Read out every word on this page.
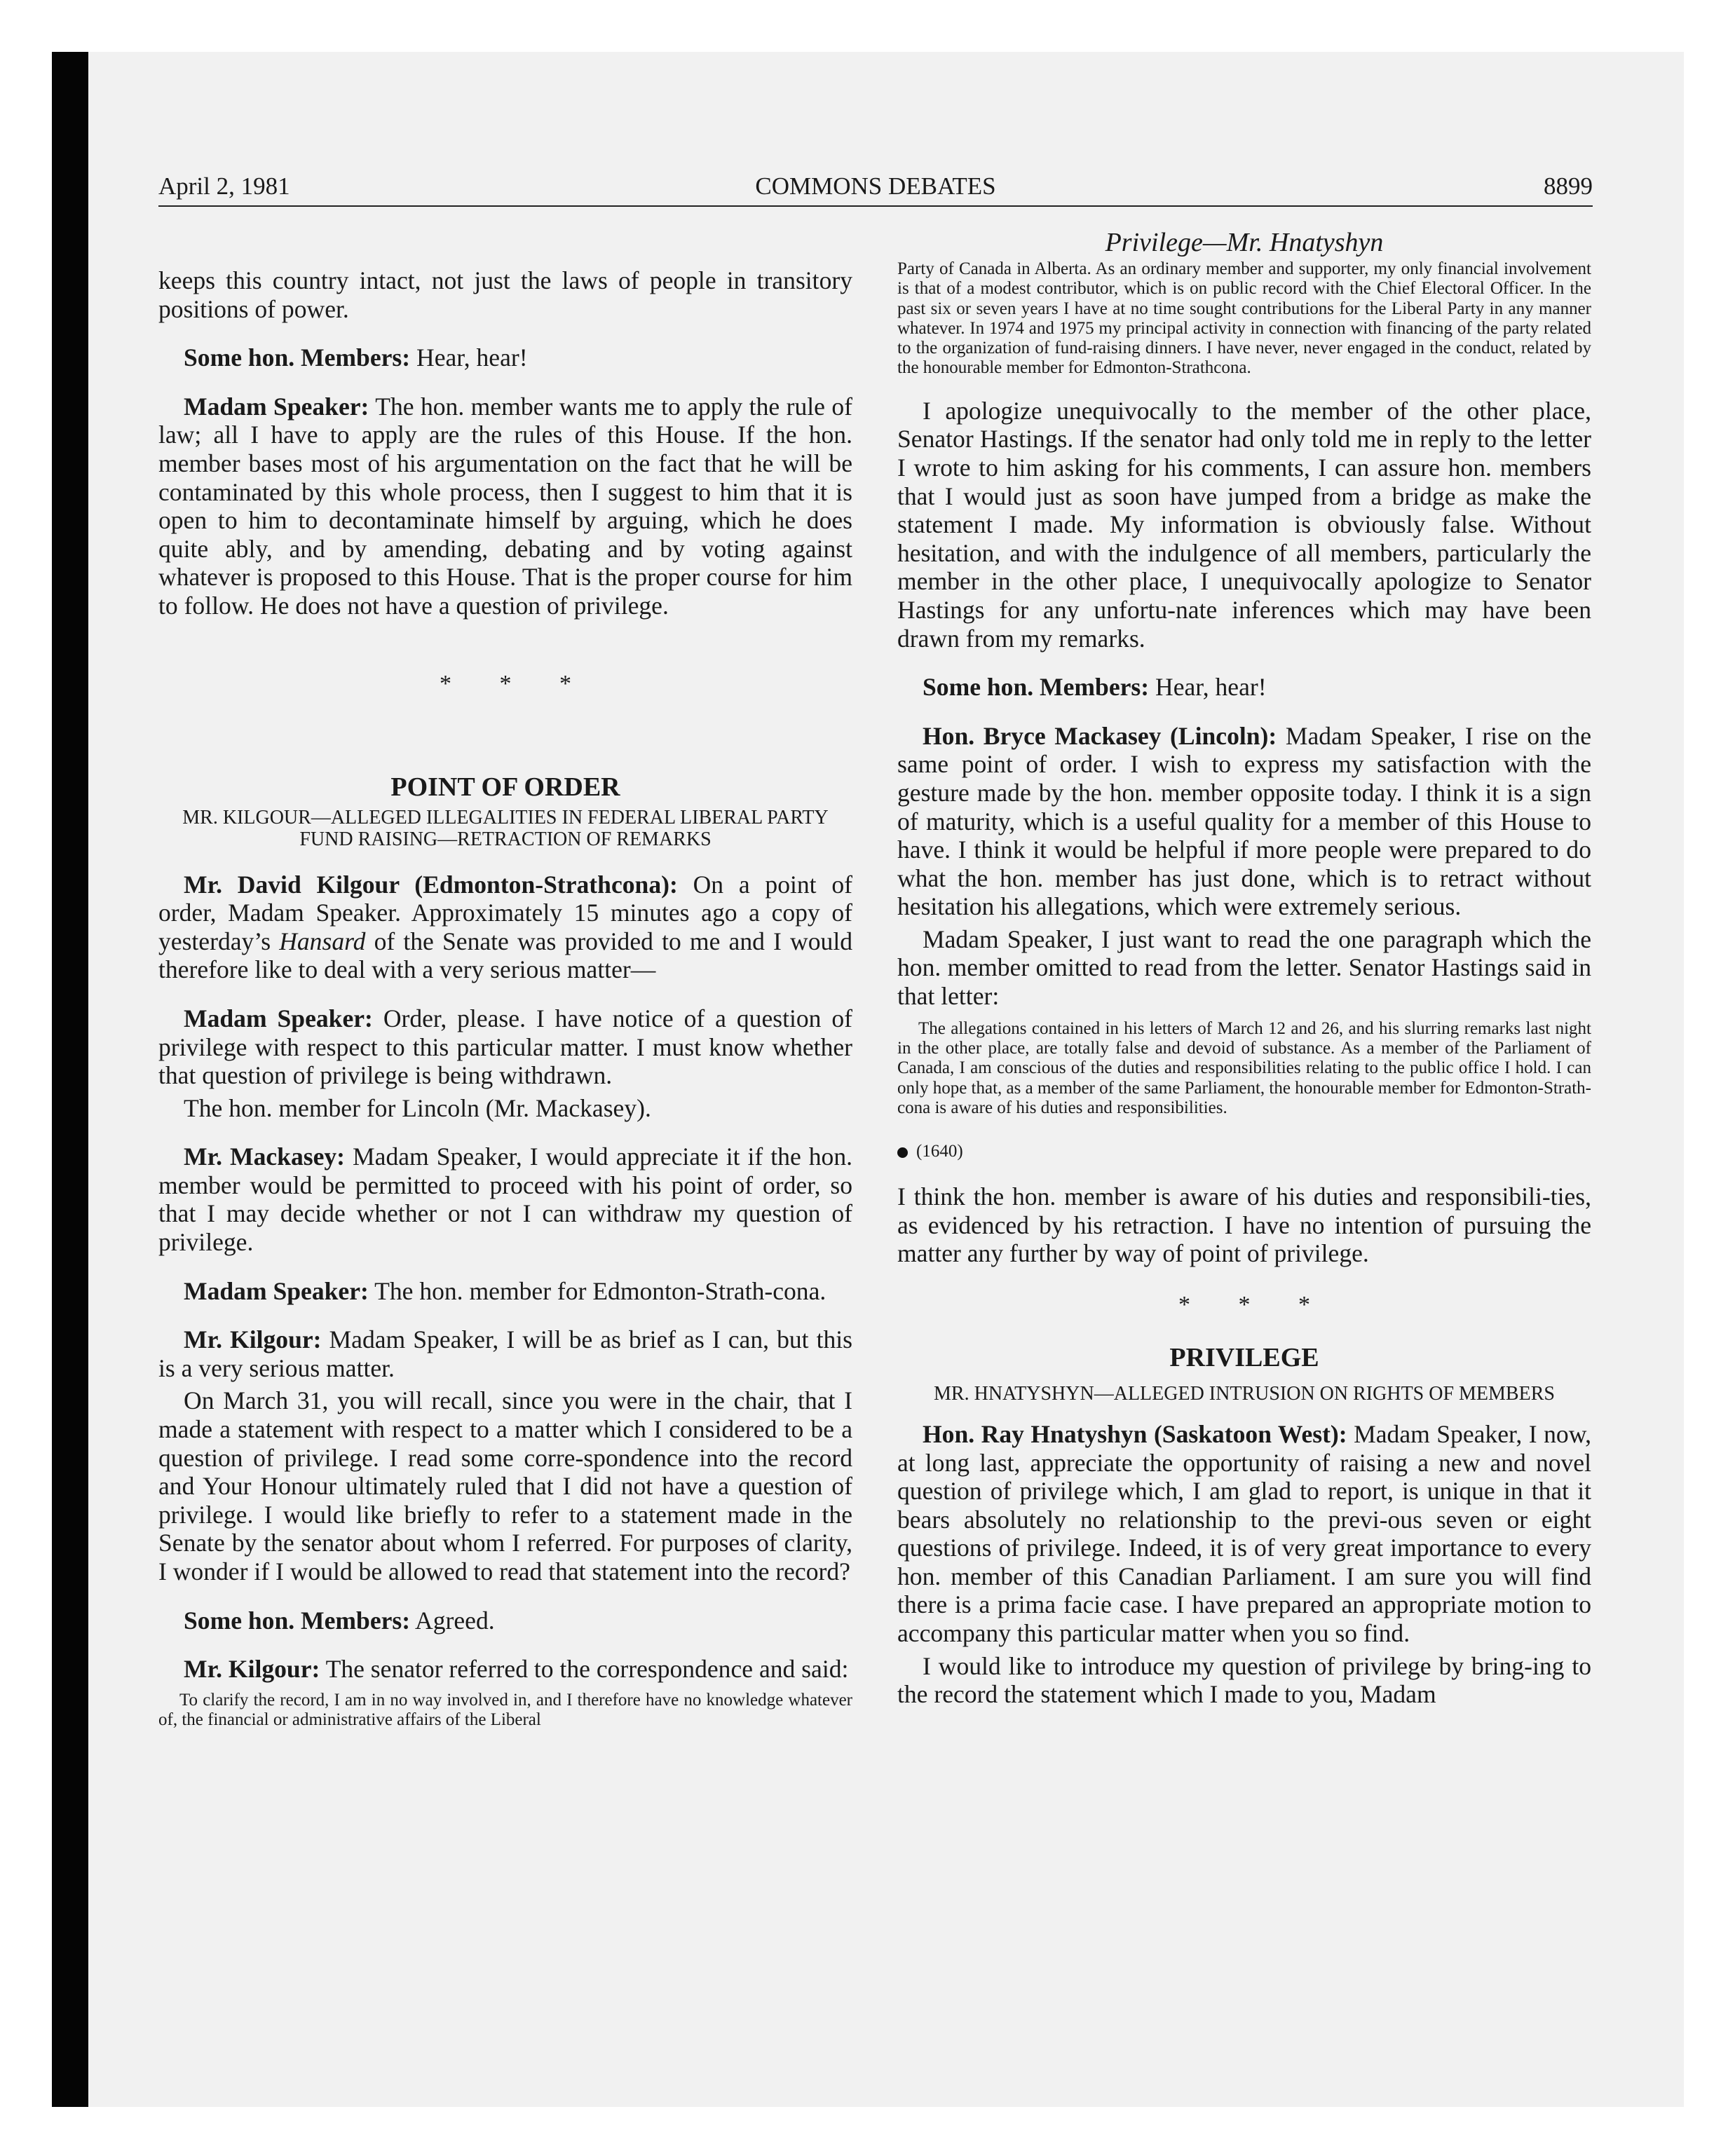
April 2, 1981	COMMONS DEBATES	8899
Privilege—Mr. Hnatyshyn

keeps this country intact, not just the laws of people in transitory positions of power.

Some hon. Members: Hear, hear!

Madam Speaker: The hon. member wants me to apply the rule of law; all I have to apply are the rules of this House. If the hon. member bases most of his argumentation on the fact that he will be contaminated by this whole process, then I suggest to him that it is open to him to decontaminate himself by arguing, which he does quite ably, and by amending, debating and by voting against whatever is proposed to this House. That is the proper course for him to follow. He does not have a question of privilege.

* * *
POINT OF ORDER
MR. KILGOUR—ALLEGED ILLEGALITIES IN FEDERAL LIBERAL PARTY FUND RAISING—RETRACTION OF REMARKS

Mr. David Kilgour (Edmonton-Strathcona): On a point of order, Madam Speaker. Approximately 15 minutes ago a copy of yesterday’s Hansard of the Senate was provided to me and I would therefore like to deal with a very serious matter—

Madam Speaker: Order, please. I have notice of a question of privilege with respect to this particular matter. I must know whether that question of privilege is being withdrawn.

The hon. member for Lincoln (Mr. Mackasey).

Mr. Mackasey: Madam Speaker, I would appreciate it if the hon. member would be permitted to proceed with his point of order, so that I may decide whether or not I can withdraw my question of privilege.

Madam Speaker: The hon. member for Edmonton-Strath-cona.

Mr. Kilgour: Madam Speaker, I will be as brief as I can, but this is a very serious matter.

On March 31, you will recall, since you were in the chair, that I made a statement with respect to a matter which I considered to be a question of privilege. I read some corre-spondence into the record and Your Honour ultimately ruled that I did not have a question of privilege. I would like briefly to refer to a statement made in the Senate by the senator about whom I referred. For purposes of clarity, I wonder if I would be allowed to read that statement into the record?

Some hon. Members: Agreed.

Mr. Kilgour: The senator referred to the correspondence and said:

To clarify the record, I am in no way involved in, and I therefore have no knowledge whatever of, the financial or administrative affairs of the Liberal

Party of Canada in Alberta. As an ordinary member and supporter, my only financial involvement is that of a modest contributor, which is on public record with the Chief Electoral Officer. In the past six or seven years I have at no time sought contributions for the Liberal Party in any manner whatever. In 1974 and 1975 my principal activity in connection with financing of the party related to the organization of fund-raising dinners. I have never, never engaged in the conduct, related by the honourable member for Edmonton-Strathcona.

I apologize unequivocally to the member of the other place, Senator Hastings. If the senator had only told me in reply to the letter I wrote to him asking for his comments, I can assure hon. members that I would just as soon have jumped from a bridge as make the statement I made. My information is obviously false. Without hesitation, and with the indulgence of all members, particularly the member in the other place, I unequivocally apologize to Senator Hastings for any unfortu-nate inferences which may have been drawn from my remarks.

Some hon. Members: Hear, hear!

Hon. Bryce Mackasey (Lincoln): Madam Speaker, I rise on the same point of order. I wish to express my satisfaction with the gesture made by the hon. member opposite today. I think it is a sign of maturity, which is a useful quality for a member of this House to have. I think it would be helpful if more people were prepared to do what the hon. member has just done, which is to retract without hesitation his allegations, which were extremely serious.

Madam Speaker, I just want to read the one paragraph which the hon. member omitted to read from the letter. Senator Hastings said in that letter:

The allegations contained in his letters of March 12 and 26, and his slurring remarks last night in the other place, are totally false and devoid of substance. As a member of the Parliament of Canada, I am conscious of the duties and responsibilities relating to the public office I hold. I can only hope that, as a member of the same Parliament, the honourable member for Edmonton-Strath-cona is aware of his duties and responsibilities.

(1640)

I think the hon. member is aware of his duties and responsibili-ties, as evidenced by his retraction. I have no intention of pursuing the matter any further by way of point of privilege.

* * *
PRIVILEGE
MR. HNATYSHYN—ALLEGED INTRUSION ON RIGHTS OF MEMBERS

Hon. Ray Hnatyshyn (Saskatoon West): Madam Speaker, I now, at long last, appreciate the opportunity of raising a new and novel question of privilege which, I am glad to report, is unique in that it bears absolutely no relationship to the previ-ous seven or eight questions of privilege. Indeed, it is of very great importance to every hon. member of this Canadian Parliament. I am sure you will find there is a prima facie case. I have prepared an appropriate motion to accompany this particular matter when you so find.

I would like to introduce my question of privilege by bring-ing to the record the statement which I made to you, Madam
